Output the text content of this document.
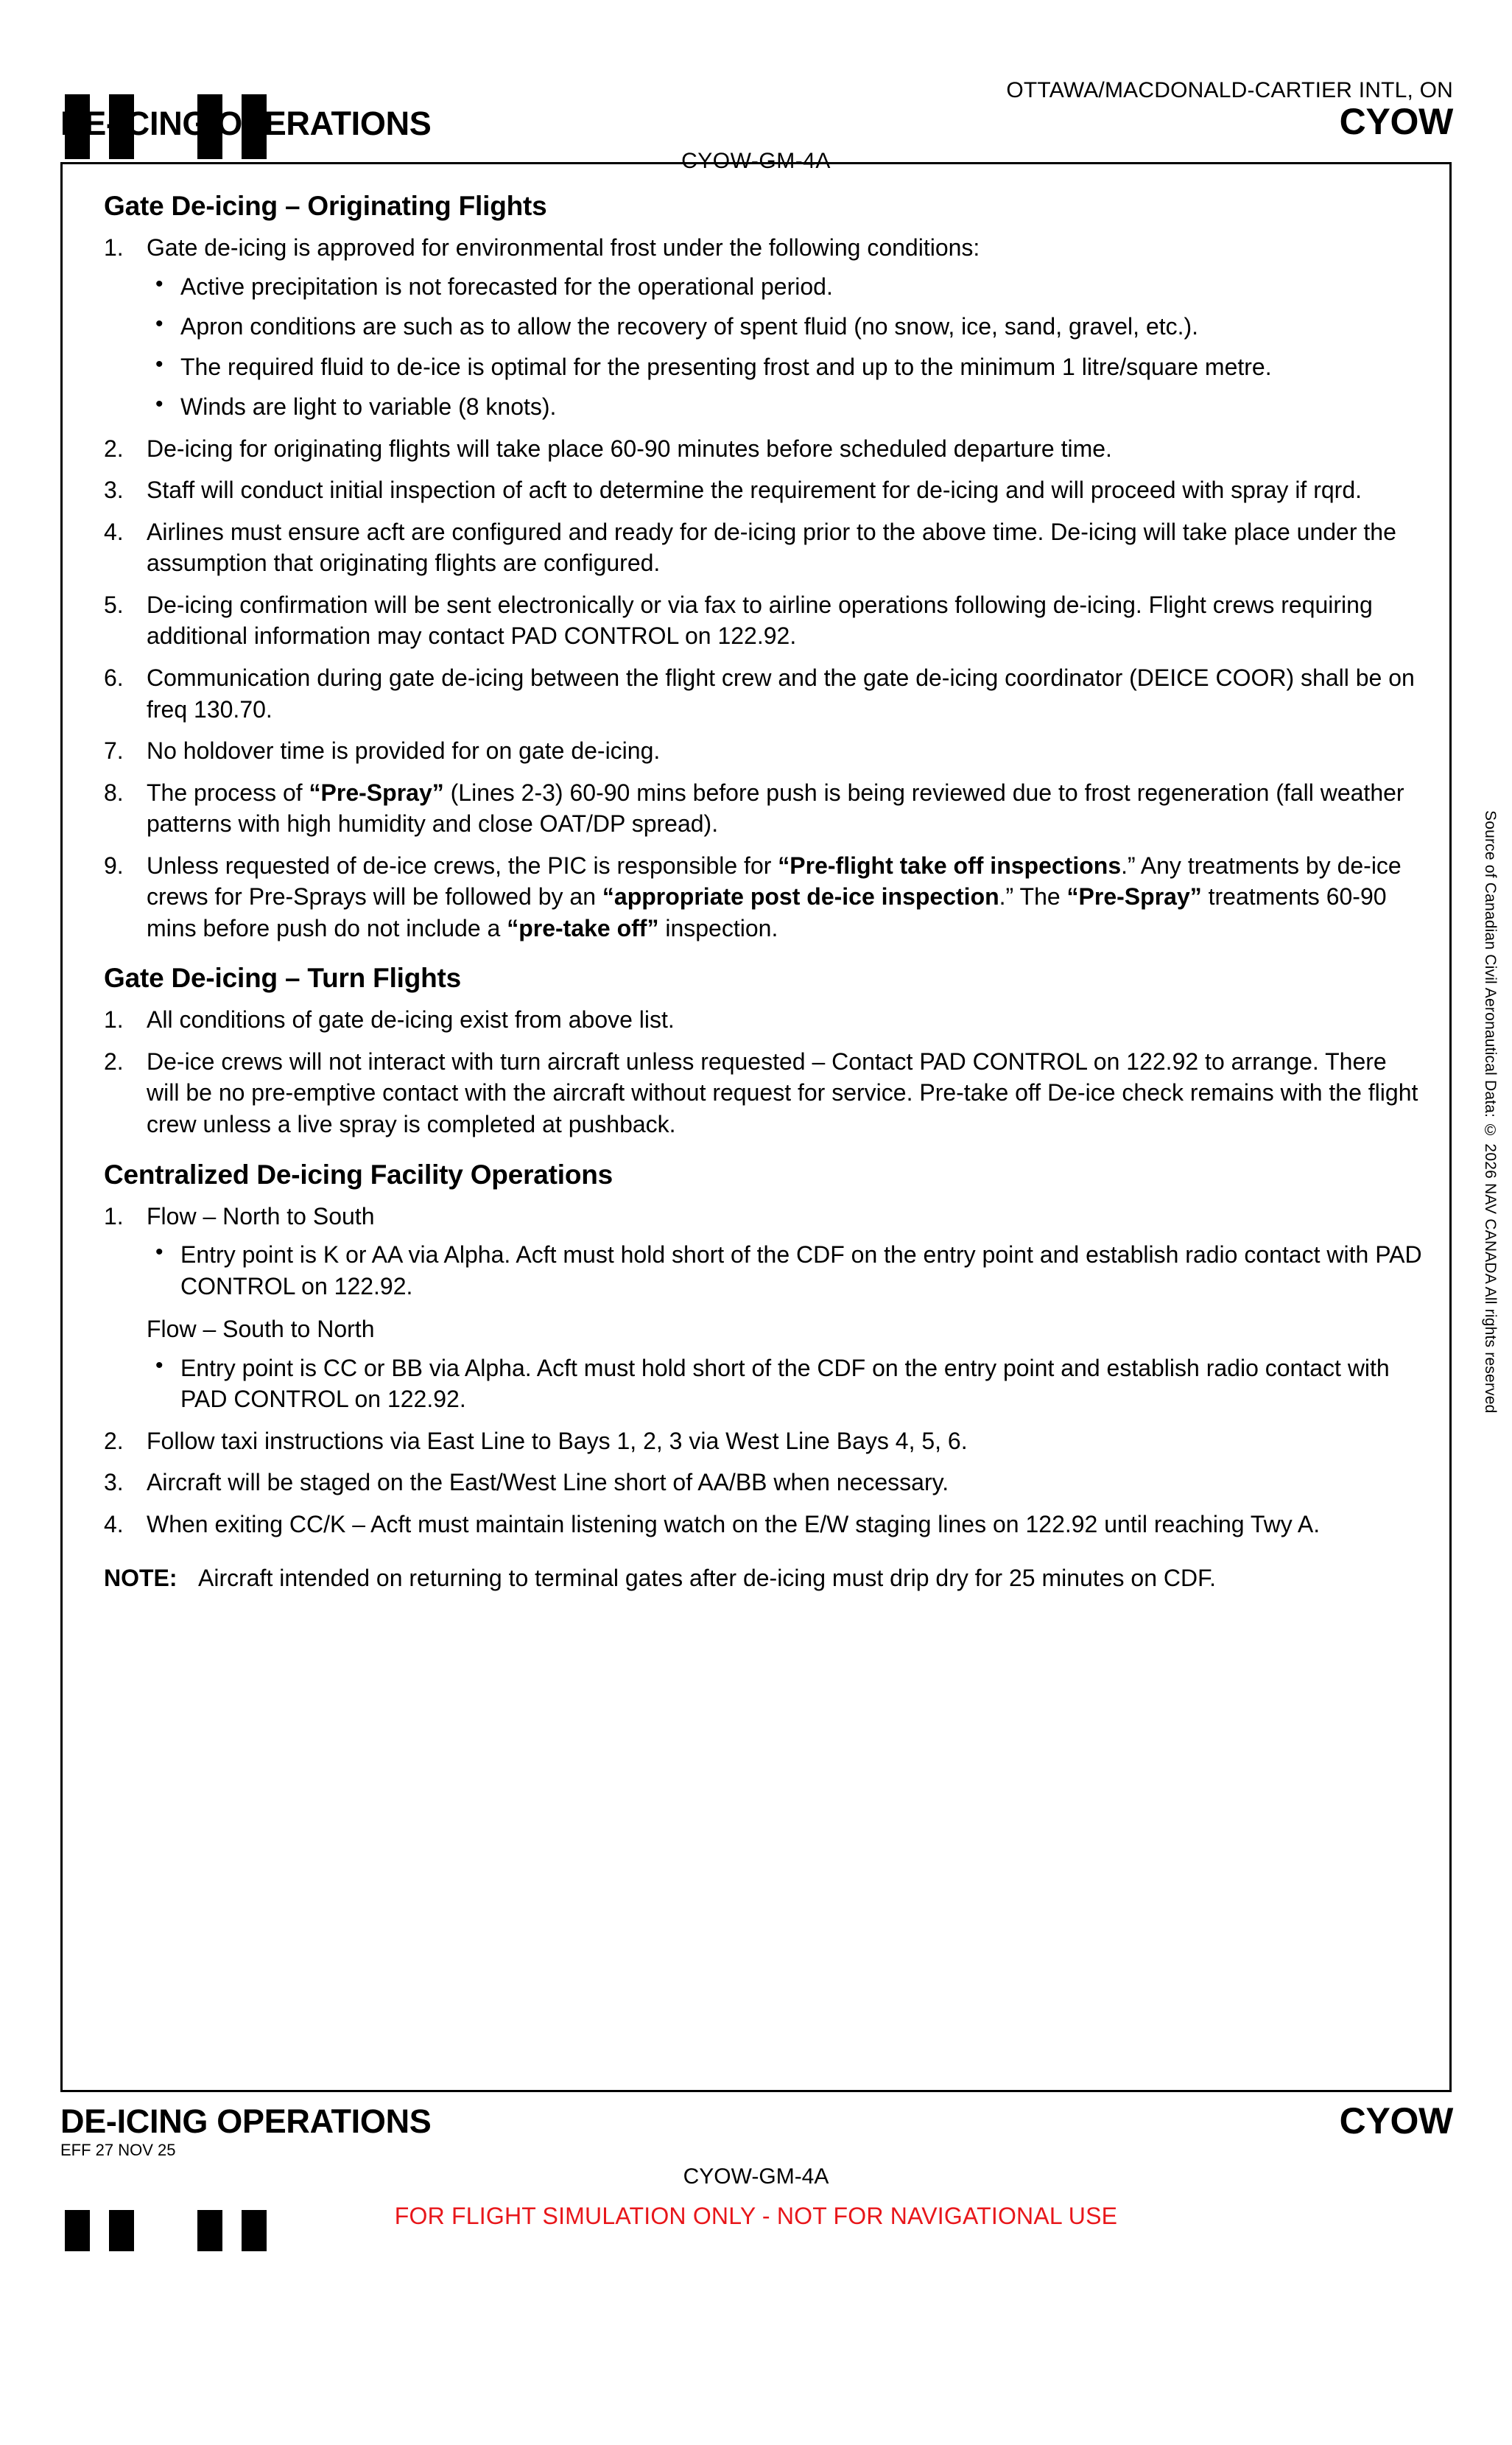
CYOW-GM-4A
OTTAWA/MACDONALD-CARTIER INTL, ON
DE-ICING OPERATIONS	CYOW
Gate De-icing – Originating Flights
1. Gate de-icing is approved for environmental frost under the following conditions:
• Active precipitation is not forecasted for the operational period.
• Apron conditions are such as to allow the recovery of spent fluid (no snow, ice, sand, gravel, etc.).
• The required fluid to de-ice is optimal for the presenting frost and up to the minimum 1 litre/square metre.
• Winds are light to variable (8 knots).
2. De-icing for originating flights will take place 60-90 minutes before scheduled departure time.
3. Staff will conduct initial inspection of acft to determine the requirement for de-icing and will proceed with spray if rqrd.
4. Airlines must ensure acft are configured and ready for de-icing prior to the above time. De-icing will take place under the assumption that originating flights are configured.
5. De-icing confirmation will be sent electronically or via fax to airline operations following de-icing. Flight crews requiring additional information may contact PAD CONTROL on 122.92.
6. Communication during gate de-icing between the flight crew and the gate de-icing coordinator (DEICE COOR) shall be on freq 130.70.
7. No holdover time is provided for on gate de-icing.
8. The process of “Pre-Spray” (Lines 2-3) 60-90 mins before push is being reviewed due to frost regeneration (fall weather patterns with high humidity and close OAT/DP spread).
9. Unless requested of de-ice crews, the PIC is responsible for “Pre-flight take off inspections.” Any treatments by de-ice crews for Pre-Sprays will be followed by an “appropriate post de-ice inspection.” The “Pre-Spray” treatments 60-90 mins before push do not include a “pre-take off” inspection.
Gate De-icing – Turn Flights
1. All conditions of gate de-icing exist from above list.
2. De-ice crews will not interact with turn aircraft unless requested – Contact PAD CONTROL on 122.92 to arrange. There will be no pre-emptive contact with the aircraft without request for service. Pre-take off De-ice check remains with the flight crew unless a live spray is completed at pushback.
Centralized De-icing Facility Operations
1. Flow – North to South
• Entry point is K or AA via Alpha. Acft must hold short of the CDF on the entry point and establish radio contact with PAD CONTROL on 122.92.
Flow – South to North
• Entry point is CC or BB via Alpha. Acft must hold short of the CDF on the entry point and establish radio contact with PAD CONTROL on 122.92.
2. Follow taxi instructions via East Line to Bays 1, 2, 3 via West Line Bays 4, 5, 6.
3. Aircraft will be staged on the East/West Line short of AA/BB when necessary.
4. When exiting CC/K – Acft must maintain listening watch on the E/W staging lines on 122.92 until reaching Twy A.
NOTE: Aircraft intended on returning to terminal gates after de-icing must drip dry for 25 minutes on CDF.
Source of Canadian Civil Aeronautical Data: © 2026 NAV CANADA All rights reserved
DE-ICING OPERATIONS	CYOW
EFF 27 NOV 25
CYOW-GM-4A
FOR FLIGHT SIMULATION ONLY - NOT FOR NAVIGATIONAL USE
